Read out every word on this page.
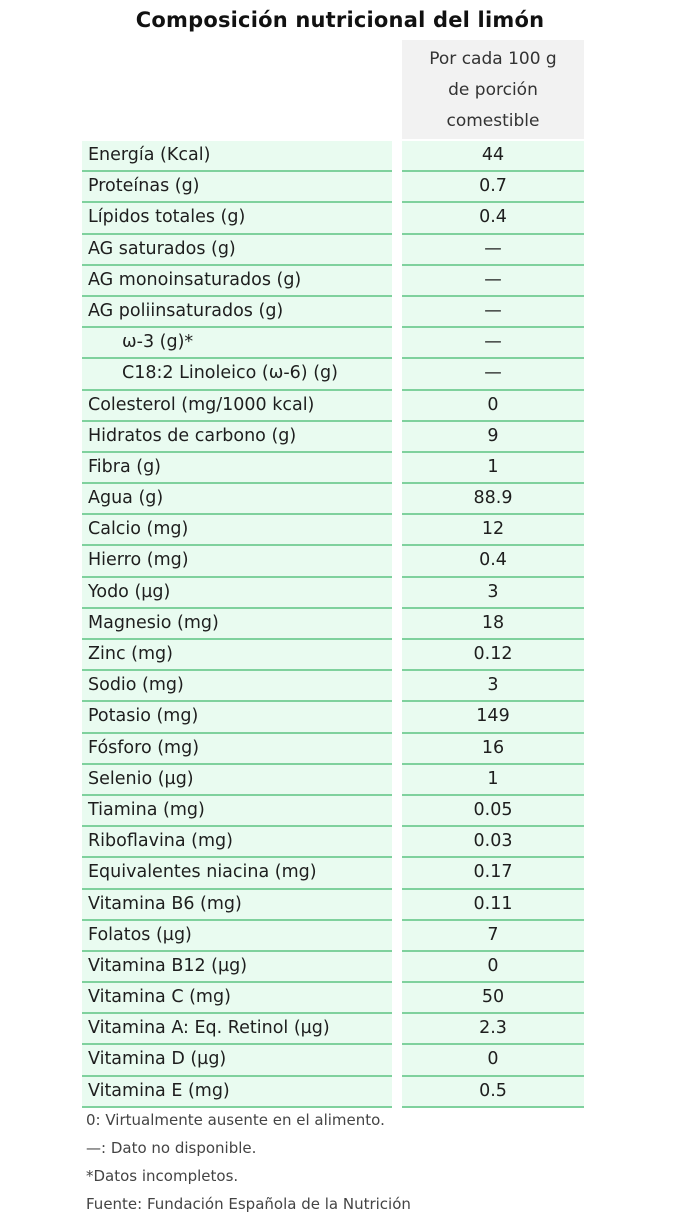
Composición nutricional del limón
Por cada 100 g
de porción
comestible
Energía (Kcal)	44
Proteínas (g)	0.7
Lípidos totales (g)	0.4
AG saturados (g)	—
AG monoinsaturados (g)	—
AG poliinsaturados (g)	—
ω-3 (g)*	—
C18:2 Linoleico (ω-6) (g)	—
Colesterol (mg/1000 kcal)	0
Hidratos de carbono (g)	9
Fibra (g)	1
Agua (g)	88.9
Calcio (mg)	12
Hierro (mg)	0.4
Yodo (µg)	3
Magnesio (mg)	18
Zinc (mg)	0.12
Sodio (mg)	3
Potasio (mg)	149
Fósforo (mg)	16
Selenio (µg)	1
Tiamina (mg)	0.05
Riboflavina (mg)	0.03
Equivalentes niacina (mg)	0.17
Vitamina B6 (mg)	0.11
Folatos (µg)	7
Vitamina B12 (µg)	0
Vitamina C (mg)	50
Vitamina A: Eq. Retinol (µg)	2.3
Vitamina D (µg)	0
Vitamina E (mg)	0.5
0: Virtualmente ausente en el alimento.
—: Dato no disponible.
*Datos incompletos.
Fuente: Fundación Española de la Nutrición
